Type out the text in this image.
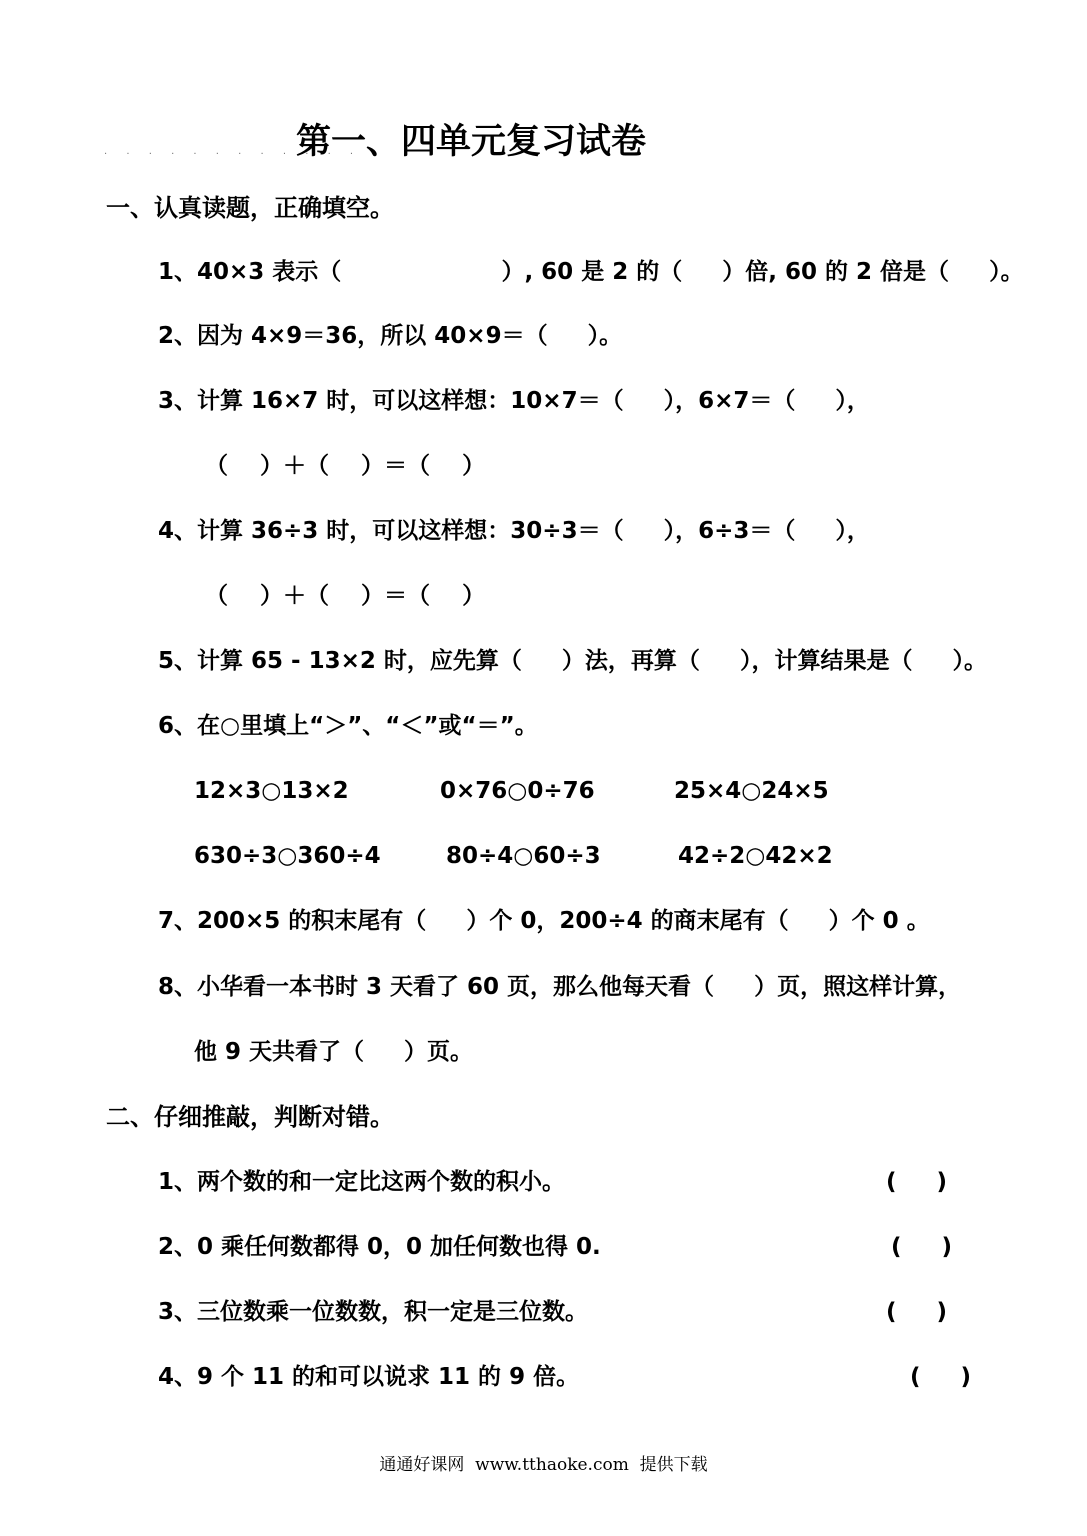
· · · · · · · · · · · ·
第一、四单元复习试卷
一、认真读题，正确填空。
1、40×3 表示（                    ）, 60 是 2 的（     ）倍, 60 的 2 倍是（     ）。
2、因为 4×9＝36，所以 40×9＝（     ）。
3、计算 16×7 时，可以这样想：10×7＝（     ），6×7＝（     ），
（    ）＋（    ）＝（    ）
4、计算 36÷3 时，可以这样想：30÷3＝（     ），6÷3＝（     ），
（    ）＋（    ）＝（    ）
5、计算 65 - 13×2 时，应先算（     ）法，再算（     ），计算结果是（     ）。
6、在○里填上“＞”、“＜”或“＝”。
12×3○13×2	0×76○0÷76	25×4○24×5
630÷3○360÷4	80÷4○60÷3	42÷2○42×2
7、200×5 的积末尾有（     ）个 0，200÷4 的商末尾有（     ）个 0 。
8、小华看一本书时 3 天看了 60 页，那么他每天看（     ）页，照这样计算，
他 9 天共看了（     ）页。
二、仔细推敲，判断对错。
1、两个数的和一定比这两个数的积小。	(     )
2、0 乘任何数都得 0，0 加任何数也得 0.	(     )
3、三位数乘一位数数，积一定是三位数。	(     )
4、9 个 11 的和可以说求 11 的 9 倍。	(     )
通通好课网  www.tthaoke.com  提供下载
